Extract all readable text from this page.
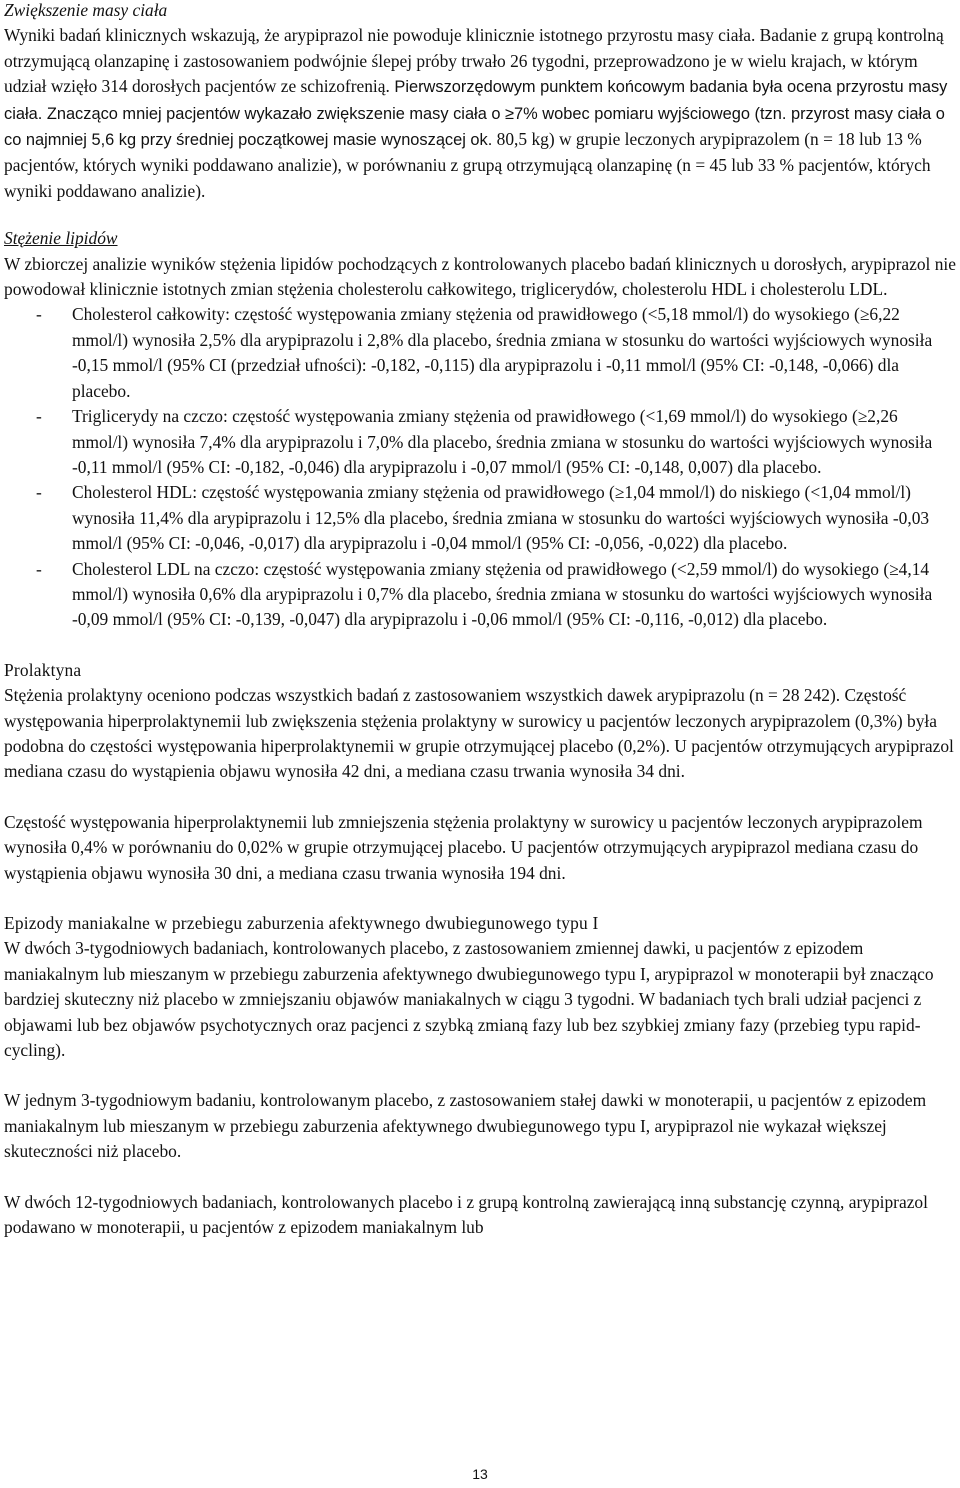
Zwiększenie masy ciała

Wyniki badań klinicznych wskazują, że arypiprazol nie powoduje klinicznie istotnego przyrostu masy ciała. Badanie z grupą kontrolną otrzymującą olanzapinę i zastosowaniem podwójnie ślepej próby trwało 26 tygodni, przeprowadzono je w wielu krajach, w którym udział wzięło 314 dorosłych pacjentów ze schizofrenią. Pierwszorzędowym punktem końcowym badania była ocena przyrostu masy ciała. Znacząco mniej pacjentów wykazało zwiększenie masy ciała o ≥7% wobec pomiaru wyjściowego (tzn. przyrost masy ciała o co najmniej 5,6 kg przy średniej początkowej masie wynoszącej ok. 80,5 kg) w grupie leczonych arypiprazolem (n = 18 lub 13 % pacjentów, których wyniki poddawano analizie), w porównaniu z grupą otrzymującą olanzapinę (n = 45 lub 33 % pacjentów, których wyniki poddawano analizie).

Stężenie lipidów

W zbiorczej analizie wyników stężenia lipidów pochodzących z kontrolowanych placebo badań klinicznych u dorosłych, arypiprazol nie powodował klinicznie istotnych zmian stężenia cholesterolu całkowitego, triglicerydów, cholesterolu HDL i cholesterolu LDL.

- Cholesterol całkowity: częstość występowania zmiany stężenia od prawidłowego (<5,18 mmol/l) do wysokiego (≥6,22 mmol/l) wynosiła 2,5% dla arypiprazolu i 2,8% dla placebo, średnia zmiana w stosunku do wartości wyjściowych wynosiła -0,15 mmol/l (95% CI (przedział ufności): -0,182, -0,115) dla arypiprazolu i -0,11 mmol/l (95% CI: -0,148, -0,066) dla placebo.
- Triglicerydy na czczo: częstość występowania zmiany stężenia od prawidłowego (<1,69 mmol/l) do wysokiego (≥2,26 mmol/l) wynosiła 7,4% dla arypiprazolu i 7,0% dla placebo, średnia zmiana w stosunku do wartości wyjściowych wynosiła -0,11 mmol/l (95% CI: -0,182, -0,046) dla arypiprazolu i -0,07 mmol/l (95% CI: -0,148, 0,007) dla placebo.
- Cholesterol HDL: częstość występowania zmiany stężenia od prawidłowego (≥1,04 mmol/l) do niskiego (<1,04 mmol/l) wynosiła 11,4% dla arypiprazolu i 12,5% dla placebo, średnia zmiana w stosunku do wartości wyjściowych wynosiła -0,03 mmol/l (95% CI: -0,046, -0,017) dla arypiprazolu i -0,04 mmol/l (95% CI: -0,056, -0,022) dla placebo.
- Cholesterol LDL na czczo: częstość występowania zmiany stężenia od prawidłowego (<2,59 mmol/l) do wysokiego (≥4,14 mmol/l) wynosiła 0,6% dla arypiprazolu i 0,7% dla placebo, średnia zmiana w stosunku do wartości wyjściowych wynosiła -0,09 mmol/l (95% CI: -0,139, -0,047) dla arypiprazolu i -0,06 mmol/l (95% CI: -0,116, -0,012) dla placebo.

Prolaktyna

Stężenia prolaktyny oceniono podczas wszystkich badań z zastosowaniem wszystkich dawek arypiprazolu (n = 28 242). Częstość występowania hiperprolaktynemii lub zwiększenia stężenia prolaktyny w surowicy u pacjentów leczonych arypiprazolem (0,3%) była podobna do częstości występowania hiperprolaktynemii w grupie otrzymującej placebo (0,2%). U pacjentów otrzymujących arypiprazol mediana czasu do wystąpienia objawu wynosiła 42 dni, a mediana czasu trwania wynosiła 34 dni.

Częstość występowania hiperprolaktynemii lub zmniejszenia stężenia prolaktyny w surowicy u pacjentów leczonych arypiprazolem wynosiła 0,4% w porównaniu do 0,02% w grupie otrzymującej placebo. U pacjentów otrzymujących arypiprazol mediana czasu do wystąpienia objawu wynosiła 30 dni, a mediana czasu trwania wynosiła 194 dni.

Epizody maniakalne w przebiegu zaburzenia afektywnego dwubiegunowego typu I

W dwóch 3-tygodniowych badaniach, kontrolowanych placebo, z zastosowaniem zmiennej dawki, u pacjentów z epizodem maniakalnym lub mieszanym w przebiegu zaburzenia afektywnego dwubiegunowego typu I, arypiprazol w monoterapii był znacząco bardziej skuteczny niż placebo w zmniejszaniu objawów maniakalnych w ciągu 3 tygodni. W badaniach tych brali udział pacjenci z objawami lub bez objawów psychotycznych oraz pacjenci z szybką zmianą fazy lub bez szybkiej zmiany fazy (przebieg typu rapid-cycling).

W jednym 3-tygodniowym badaniu, kontrolowanym placebo, z zastosowaniem stałej dawki w monoterapii, u pacjentów z epizodem maniakalnym lub mieszanym w przebiegu zaburzenia afektywnego dwubiegunowego typu I, arypiprazol nie wykazał większej skuteczności niż placebo.

W dwóch 12-tygodniowych badaniach, kontrolowanych placebo i z grupą kontrolną zawierającą inną substancję czynną, arypiprazol podawano w monoterapii, u pacjentów z epizodem maniakalnym lub

13
